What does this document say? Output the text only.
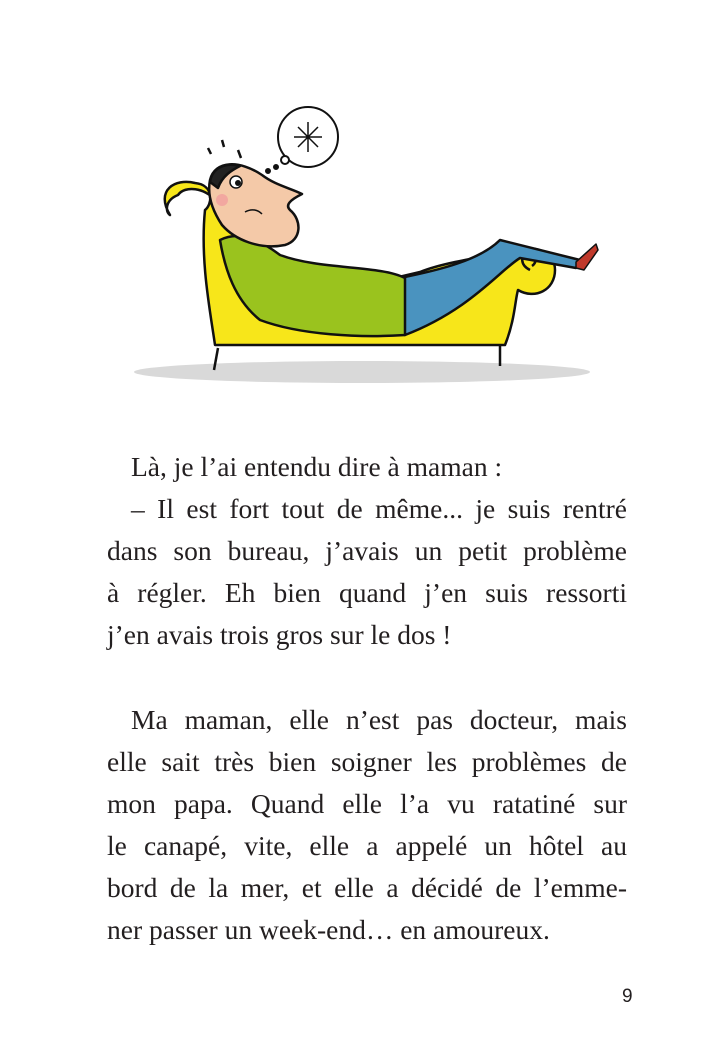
Là, je l’ai entendu dire à maman :
– Il est fort tout de même... je suis rentré
dans son bureau, j’avais un petit problème
à régler. Eh bien quand j’en suis ressorti
j’en avais trois gros sur le dos !
Ma maman, elle n’est pas docteur, mais
elle sait très bien soigner les problèmes de
mon papa. Quand elle l’a vu ratatiné sur
le canapé, vite, elle a appelé un hôtel au
bord de la mer, et elle a décidé de l’emme-
ner passer un week-end… en amoureux.
9
